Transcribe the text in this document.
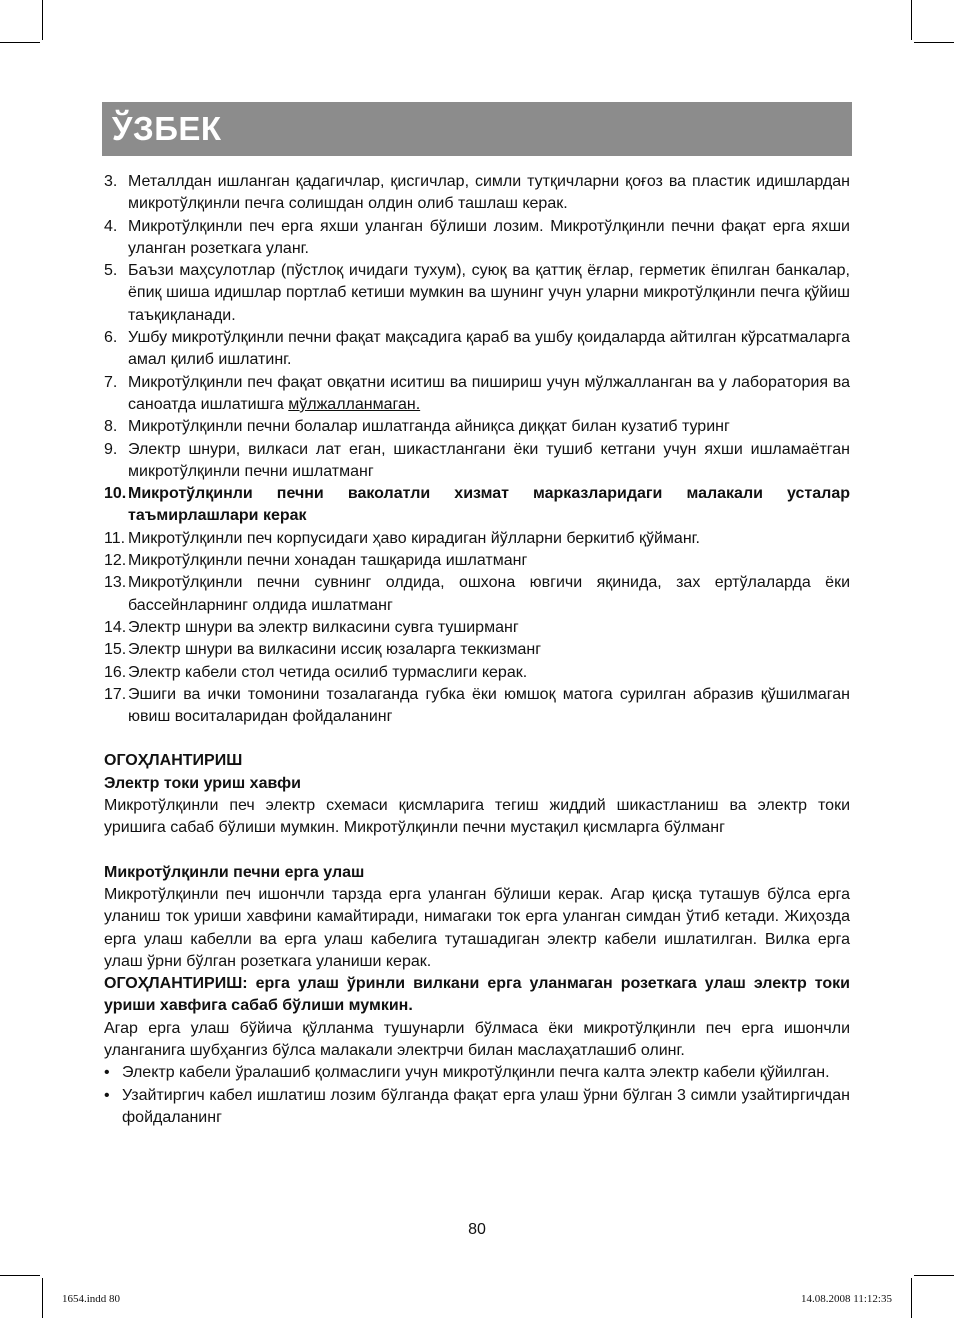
ЎЗБЕК
3. Металлдан ишланган қадагичлар, қисгичлар, симли тутқичларни қоғоз ва пластик идишлардан микротўлқинли печга солишдан олдин олиб ташлаш керак.
4. Микротўлқинли печ ерга яхши уланган бўлиши лозим. Микротўлқинли печни фақат ерга яхши уланган розеткага уланг.
5. Баъзи маҳсулотлар (пўстлоқ ичидаги тухум), суюқ ва қаттиқ ёғлар, герметик ёпилган банкалар, ёпиқ шиша идишлар портлаб кетиши мумкин ва шунинг учун уларни микротўлқинли печга қўйиш таъқиқланади.
6. Ушбу микротўлқинли печни фақат мақсадига қараб ва ушбу қоидаларда айтилган кўрсатмаларга амал қилиб ишлатинг.
7. Микротўлқинли печ фақат овқатни иситиш ва пишириш учун мўлжалланган ва у лаборатория ва саноатда ишлатишга мўлжалланмаган.
8. Микротўлқинли печни болалар ишлатганда айниқса диққат билан кузатиб туринг
9. Электр шнури, вилкаси лат еган, шикастлангани ёки тушиб кетгани учун яхши ишламаётган микротўлқинли печни ишлатманг
10. Микротўлқинли печни ваколатли хизмат марказларидаги малакали усталар таъмирлашлари керак
11. Микротўлқинли печ корпусидаги ҳаво кирадиган йўлларни беркитиб қўйманг.
12. Микротўлқинли печни хонадан ташқарида ишлатманг
13. Микротўлқинли печни сувнинг олдида, ошхона ювгичи яқинида, зах ертўлаларда ёки бассейнларнинг олдида ишлатманг
14. Электр шнури ва электр вилкасини сувга туширманг
15. Электр шнури ва вилкасини иссиқ юзаларга теккизманг
16. Электр кабели стол четида осилиб турмаслиги керак.
17. Эшиги ва ички томонини тозалаганда губка ёки юмшоқ матога сурилган абразив қўшилмаган ювиш воситаларидан фойдаланинг

ОГОҲЛАНТИРИШ

Электр токи уриш хавфи

Микротўлқинли печ электр схемаси қисмларига тегиш жиддий шикастланиш ва электр токи уришига сабаб бўлиши мумкин. Микротўлқинли печни мустақил қисмларга бўлманг

Микротўлқинли печни ерга улаш

Микротўлқинли печ ишончли тарзда ерга уланган бўлиши керак. Агар қисқа туташув бўлса ерга уланиш ток уриши хавфини камайтиради, нимагаки ток ерга уланган симдан ўтиб кетади. Жиҳозда ерга улаш кабелли ва ерга улаш кабелига туташадиган электр кабели ишлатилган. Вилка ерга улаш ўрни бўлган розеткага уланиши керак.

ОГОҲЛАНТИРИШ: ерга улаш ўринли вилкани ерга уланмаган розеткага улаш электр токи уриши хавфига сабаб бўлиши мумкин.

Агар ерга улаш бўйича қўлланма тушунарли бўлмаса ёки микротўлқинли печ ерга ишончли уланганига шубҳангиз бўлса малакали электрчи билан маслаҳатлашиб олинг.

• Электр кабели ўралашиб қолмаслиги учун микротўлқинли печга калта электр кабели қўйилган.
• Узайтиргич кабел ишлатиш лозим бўлганда фақат ерга улаш ўрни бўлган 3 симли узайтиргичдан фойдаланинг
80
1654.indd 80	14.08.2008 11:12:35
